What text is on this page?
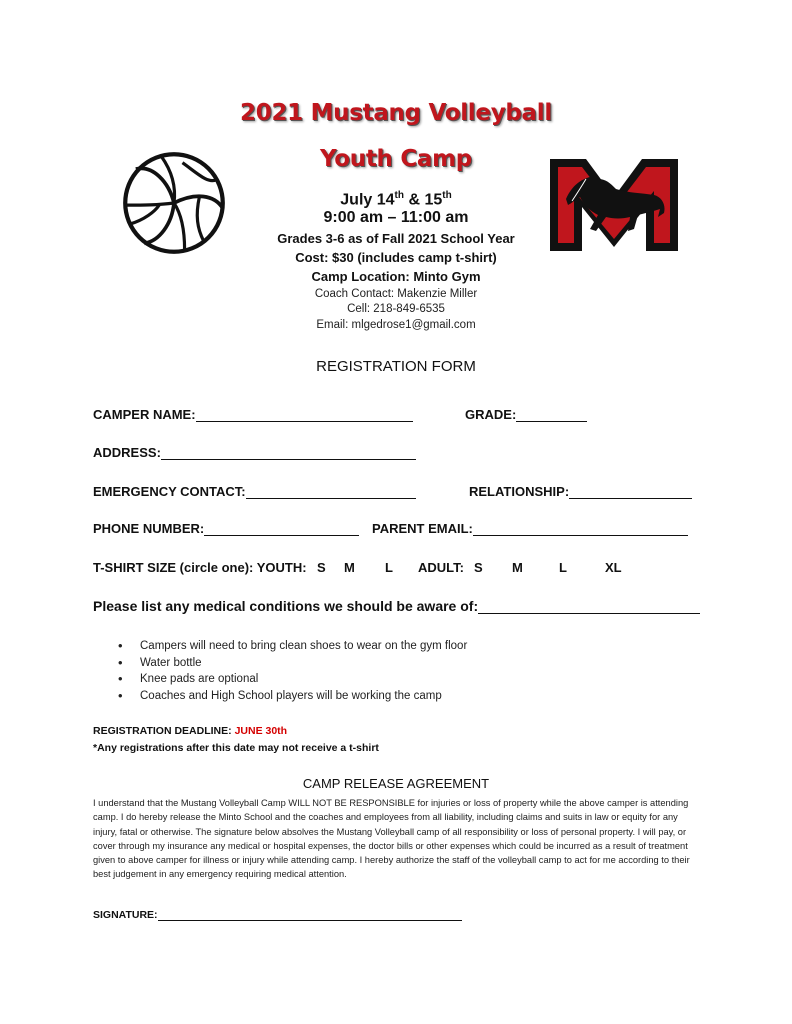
2021 Mustang Volleyball
Youth Camp
July 14th & 15th
9:00 am – 11:00 am
Grades 3-6 as of Fall 2021 School Year
Cost: $30 (includes camp t-shirt)
Camp Location: Minto Gym
Coach Contact: Makenzie Miller
Cell: 218-849-6535
Email: mlgedrose1@gmail.com
REGISTRATION FORM
CAMPER NAME:	GRADE:
ADDRESS:
EMERGENCY CONTACT:	RELATIONSHIP:
PHONE NUMBER:	PARENT EMAIL:
T-SHIRT SIZE (circle one): YOUTH: S M L ADULT: S M	L	XL
Please list any medical conditions we should be aware of:
• Campers will need to bring clean shoes to wear on the gym floor
• Water bottle
• Knee pads are optional
• Coaches and High School players will be working the camp
REGISTRATION DEADLINE: JUNE 30th
*Any registrations after this date may not receive a t-shirt
CAMP RELEASE AGREEMENT
I understand that the Mustang Volleyball Camp WILL NOT BE RESPONSIBLE for injuries or loss of property while the above camper is attending camp. I do hereby release the Minto School and the coaches and employees from all liability, including claims and suits in law or equity for any injury, fatal or otherwise. The signature below absolves the Mustang Volleyball camp of all responsibility or loss of personal property. I will pay, or cover through my insurance any medical or hospital expenses, the doctor bills or other expenses which could be incurred as a result of treatment given to above camper for illness or injury while attending camp. I hereby authorize the staff of the volleyball camp to act for me according to their best judgement in any emergency requiring medical attention.
SIGNATURE:
